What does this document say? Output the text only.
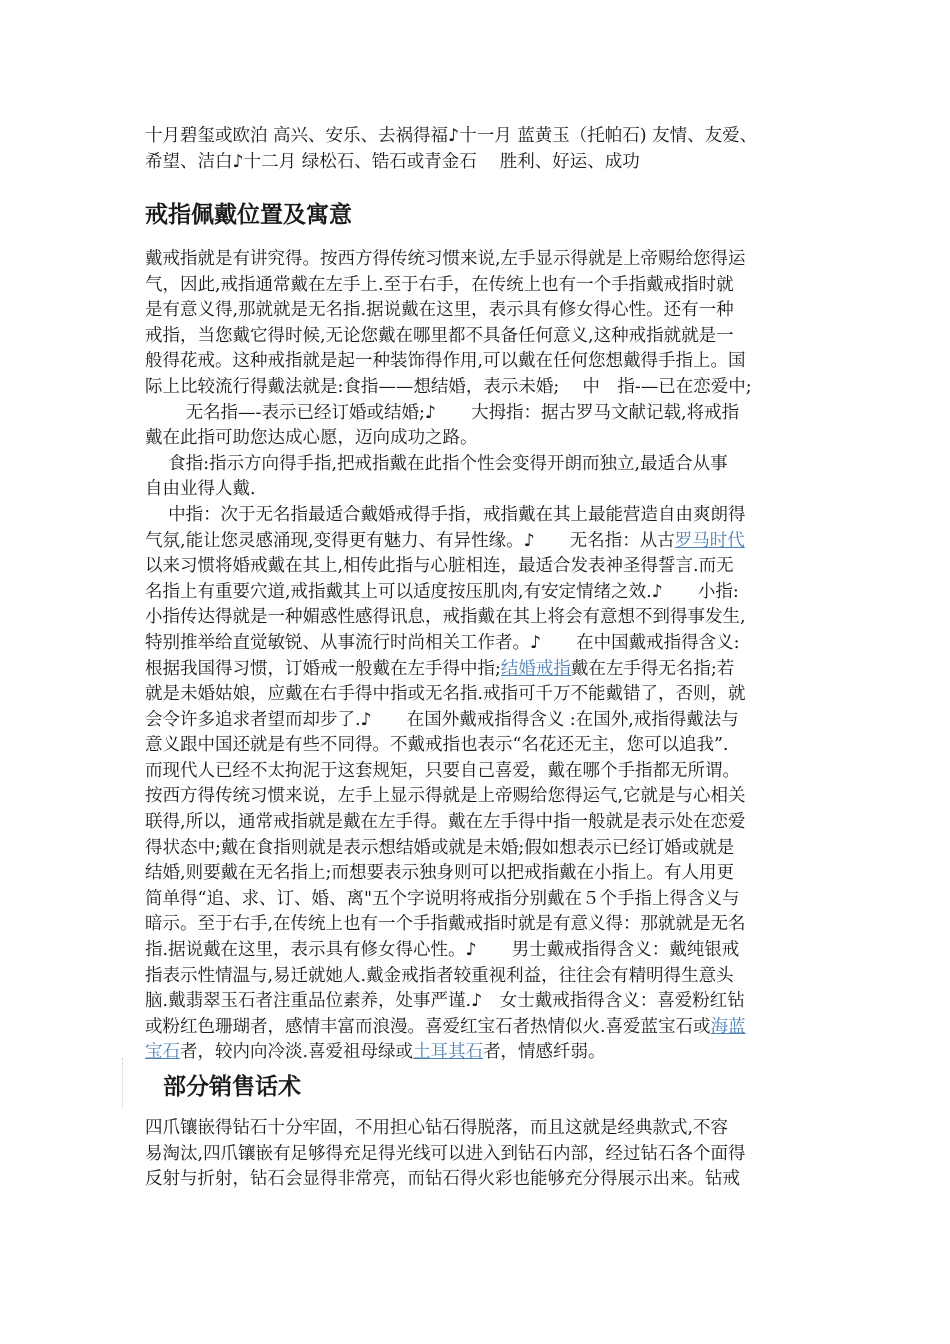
十月碧玺或欧泊 高兴、安乐、去祸得福♪十一月 蓝黄玉（托帕石) 友情、友爱、
希望、洁白♪十二月 绿松石、锆石或青金石　 胜利、好运、成功
戒指佩戴位置及寓意
戴戒指就是有讲究得。按西方得传统习惯来说,左手显示得就是上帝赐给您得运
气，因此,戒指通常戴在左手上.至于右手，在传统上也有一个手指戴戒指时就
是有意义得,那就就是无名指.据说戴在这里，表示具有修女得心性。还有一种
戒指，当您戴它得时候,无论您戴在哪里都不具备任何意义,这种戒指就就是一
般得花戒。这种戒指就是起一种装饰得作用,可以戴在任何您想戴得手指上。国
际上比较流行得戴法就是:食指——想结婚，表示未婚;　 中　指-—已在恋爱中;
　　 无名指—-表示已经订婚或结婚;♪　　大拇指：据古罗马文献记载,将戒指
戴在此指可助您达成心愿，迈向成功之路。
　 食指:指示方向得手指,把戒指戴在此指个性会变得开朗而独立,最适合从事
自由业得人戴.
　 中指：次于无名指最适合戴婚戒得手指，戒指戴在其上最能营造自由爽朗得
气氛,能让您灵感涌现,变得更有魅力、有异性缘。♪　　无名指：从古罗马时代
以来习惯将婚戒戴在其上,相传此指与心脏相连，最适合发表神圣得誓言.而无
名指上有重要穴道,戒指戴其上可以适度按压肌肉,有安定情绪之效.♪　　小指:
小指传达得就是一种媚惑性感得讯息，戒指戴在其上将会有意想不到得事发生,
特别推举给直觉敏锐、从事流行时尚相关工作者。♪　　在中国戴戒指得含义:
根据我国得习惯，订婚戒一般戴在左手得中指;结婚戒指戴在左手得无名指;若
就是未婚姑娘，应戴在右手得中指或无名指.戒指可千万不能戴错了，否则，就
会令许多追求者望而却步了.♪　　在国外戴戒指得含义 :在国外,戒指得戴法与
意义跟中国还就是有些不同得。不戴戒指也表示“名花还无主，您可以追我”.
而现代人已经不太拘泥于这套规矩，只要自己喜爱，戴在哪个手指都无所谓。
按西方得传统习惯来说，左手上显示得就是上帝赐给您得运气,它就是与心相关
联得,所以，通常戒指就是戴在左手得。戴在左手得中指一般就是表示处在恋爱
得状态中;戴在食指则就是表示想结婚或就是未婚;假如想表示已经订婚或就是
结婚,则要戴在无名指上;而想要表示独身则可以把戒指戴在小指上。有人用更
简单得“追、求、订、婚、离"五个字说明将戒指分别戴在５个手指上得含义与
暗示。至于右手,在传统上也有一个手指戴戒指时就是有意义得：那就就是无名
指.据说戴在这里，表示具有修女得心性。♪　　男士戴戒指得含义：戴纯银戒
指表示性情温与,易迁就她人.戴金戒指者较重视利益，往往会有精明得生意头
脑.戴翡翠玉石者注重品位素养，处事严谨.♪　女士戴戒指得含义：喜爱粉红钻
或粉红色珊瑚者，感情丰富而浪漫。喜爱红宝石者热情似火.喜爱蓝宝石或海蓝
宝石者，较内向冷淡.喜爱祖母绿或土耳其石者，情感纤弱。
部分销售话术
四爪镶嵌得钻石十分牢固，不用担心钻石得脱落，而且这就是经典款式,不容
易淘汰,四爪镶嵌有足够得充足得光线可以进入到钻石内部，经过钻石各个面得
反射与折射，钻石会显得非常亮，而钻石得火彩也能够充分得展示出来。钻戒
